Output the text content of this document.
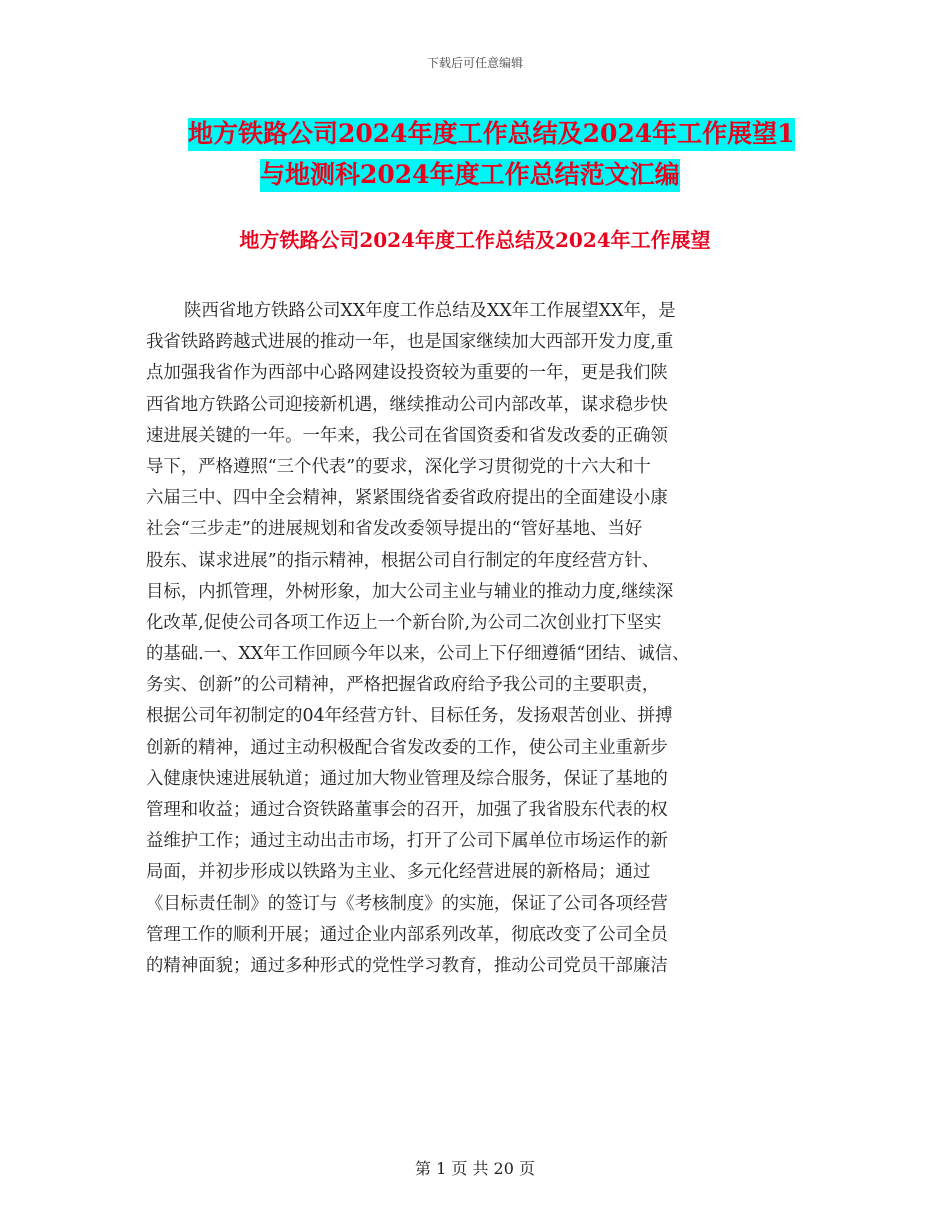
下载后可任意编辑
地方铁路公司2024年度工作总结及2024年工作展望1
与地测科2024年度工作总结范文汇编
地方铁路公司2024年度工作总结及2024年工作展望
陕西省地方铁路公司XX年度工作总结及XX年工作展望XX年，是
我省铁路跨越式进展的推动一年，也是国家继续加大西部开发力度,重
点加强我省作为西部中心路网建设投资较为重要的一年，更是我们陕
西省地方铁路公司迎接新机遇，继续推动公司内部改革，谋求稳步快
速进展关键的一年。一年来，我公司在省国资委和省发改委的正确领
导下，严格遵照“三个代表”的要求，深化学习贯彻党的十六大和十
六届三中、四中全会精神，紧紧围绕省委省政府提出的全面建设小康
社会“三步走”的进展规划和省发改委领导提出的“管好基地、当好
股东、谋求进展”的指示精神，根据公司自行制定的年度经营方针、
目标，内抓管理，外树形象，加大公司主业与辅业的推动力度,继续深
化改革,促使公司各项工作迈上一个新台阶,为公司二次创业打下坚实
的基础.一、XX年工作回顾今年以来，公司上下仔细遵循“团结、诚信、
务实、创新”的公司精神，严格把握省政府给予我公司的主要职责，
根据公司年初制定的04年经营方针、目标任务，发扬艰苦创业、拼搏
创新的精神，通过主动积极配合省发改委的工作，使公司主业重新步
入健康快速进展轨道；通过加大物业管理及综合服务，保证了基地的
管理和收益；通过合资铁路董事会的召开，加强了我省股东代表的权
益维护工作；通过主动出击市场，打开了公司下属单位市场运作的新
局面，并初步形成以铁路为主业、多元化经营进展的新格局；通过
《目标责任制》的签订与《考核制度》的实施，保证了公司各项经营
管理工作的顺利开展；通过企业内部系列改革，彻底改变了公司全员
的精神面貌；通过多种形式的党性学习教育，推动公司党员干部廉洁
第 1 页 共 20 页
